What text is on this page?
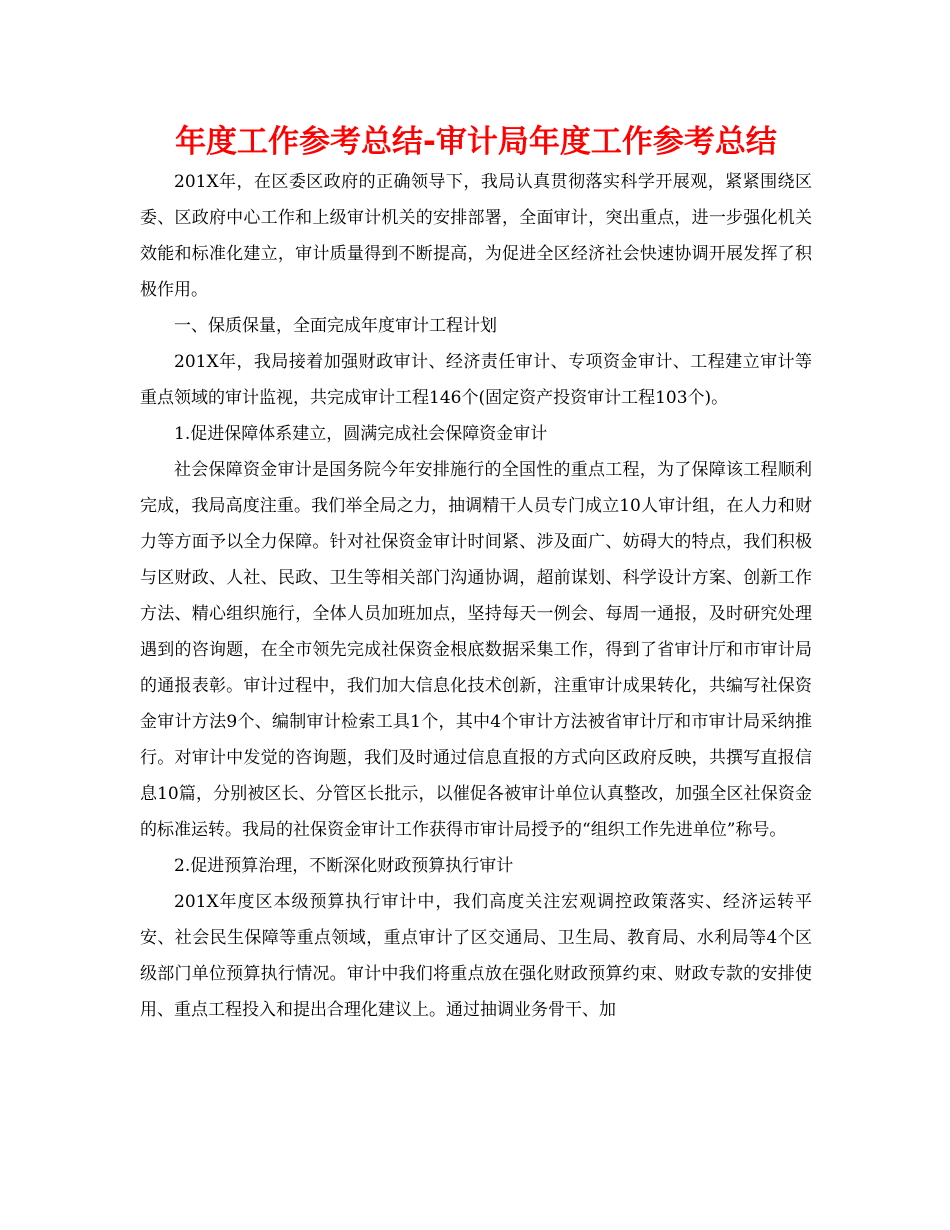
年度工作参考总结-审计局年度工作参考总结

201X年，在区委区政府的正确领导下，我局认真贯彻落实科学开展观，紧紧围绕区委、区政府中心工作和上级审计机关的安排部署，全面审计，突出重点，进一步强化机关效能和标准化建立，审计质量得到不断提高，为促进全区经济社会快速协调开展发挥了积极作用。

一、保质保量，全面完成年度审计工程计划

201X年，我局接着加强财政审计、经济责任审计、专项资金审计、工程建立审计等重点领域的审计监视，共完成审计工程146个(固定资产投资审计工程103个)。

1.促进保障体系建立，圆满完成社会保障资金审计

社会保障资金审计是国务院今年安排施行的全国性的重点工程，为了保障该工程顺利完成，我局高度注重。我们举全局之力，抽调精干人员专门成立10人审计组，在人力和财力等方面予以全力保障。针对社保资金审计时间紧、涉及面广、妨碍大的特点，我们积极与区财政、人社、民政、卫生等相关部门沟通协调，超前谋划、科学设计方案、创新工作方法、精心组织施行，全体人员加班加点，坚持每天一例会、每周一通报，及时研究处理遇到的咨询题，在全市领先完成社保资金根底数据采集工作，得到了省审计厅和市审计局的通报表彰。审计过程中，我们加大信息化技术创新，注重审计成果转化，共编写社保资金审计方法9个、编制审计检索工具1个，其中4个审计方法被省审计厅和市审计局采纳推行。对审计中发觉的咨询题，我们及时通过信息直报的方式向区政府反映，共撰写直报信息10篇，分别被区长、分管区长批示，以催促各被审计单位认真整改，加强全区社保资金的标准运转。我局的社保资金审计工作获得市审计局授予的“组织工作先进单位”称号。

2.促进预算治理，不断深化财政预算执行审计

201X年度区本级预算执行审计中，我们高度关注宏观调控政策落实、经济运转平安、社会民生保障等重点领域，重点审计了区交通局、卫生局、教育局、水利局等4个区级部门单位预算执行情况。审计中我们将重点放在强化财政预算约束、财政专款的安排使用、重点工程投入和提出合理化建议上。通过抽调业务骨干、加
